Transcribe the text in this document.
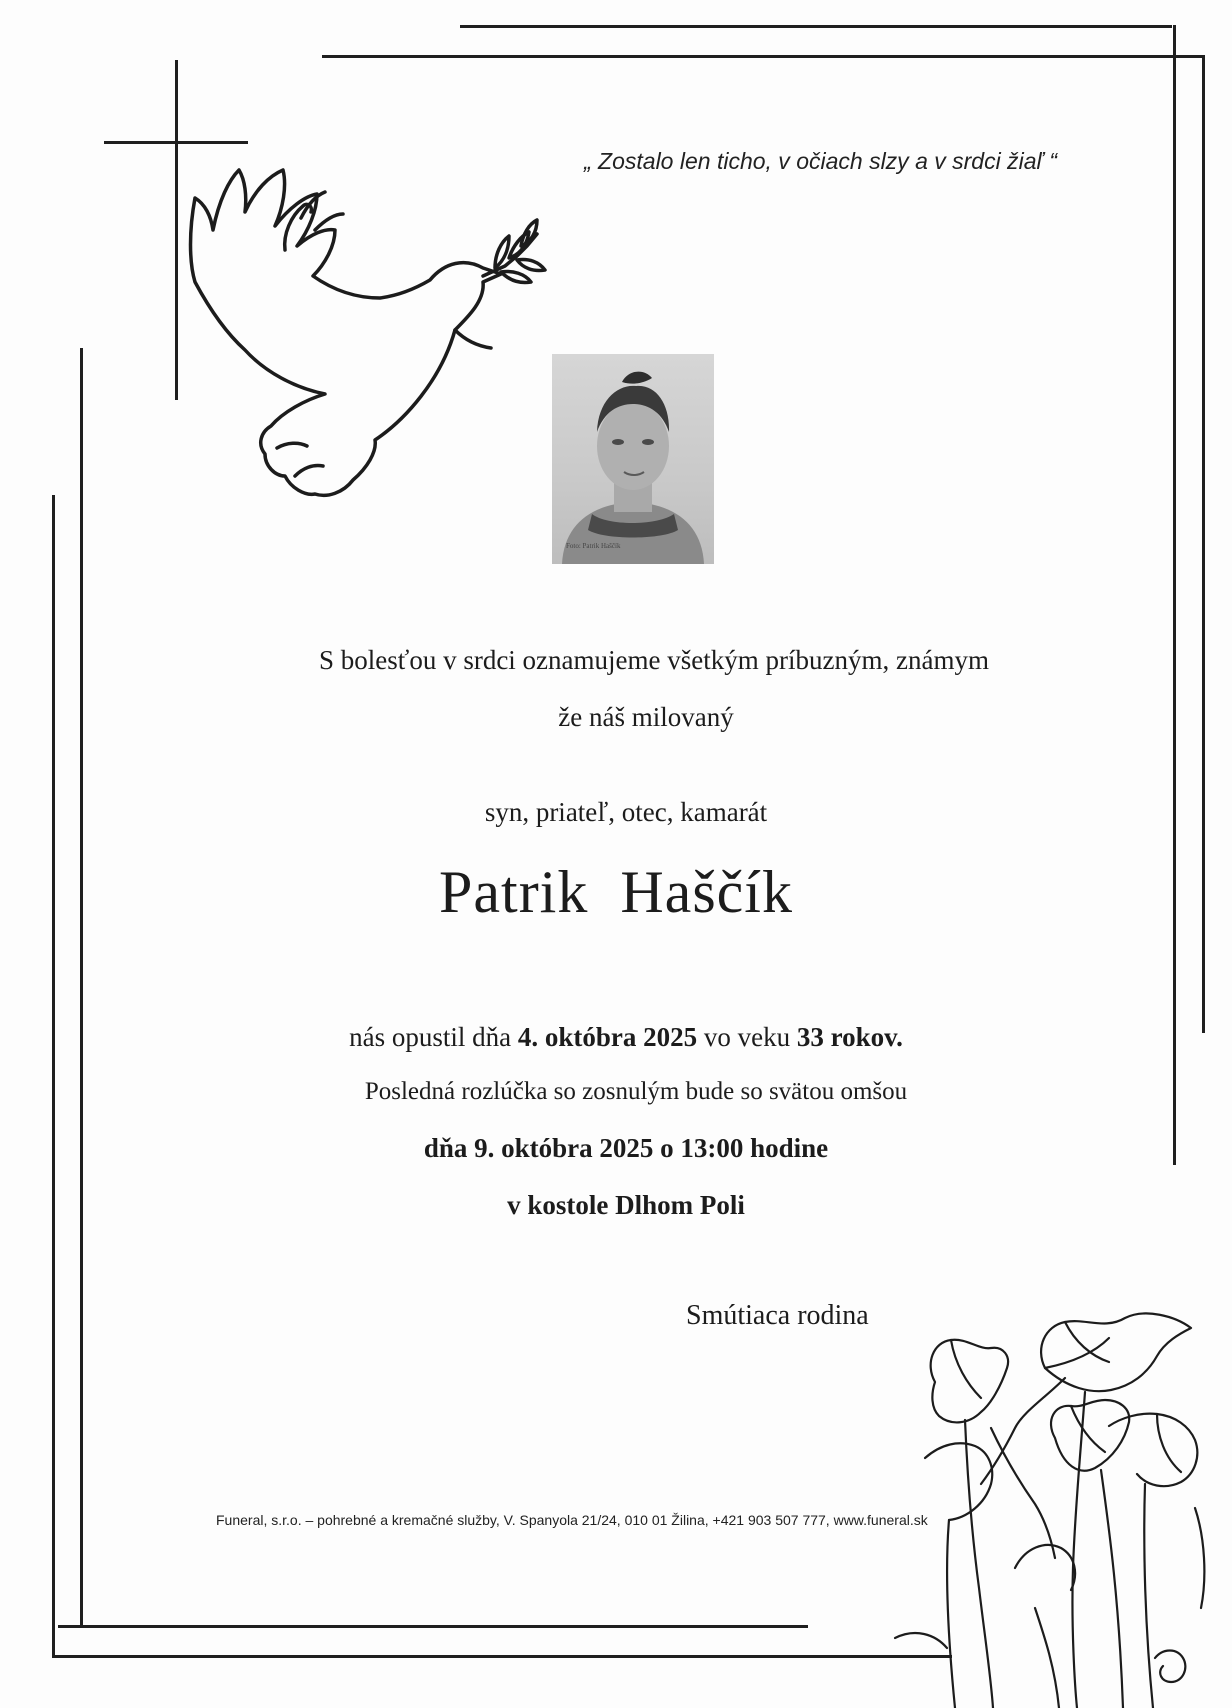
„ Zostalo len ticho, v očiach slzy a v srdci žiaľ “
Foto: Patrik Haščík
S bolesťou v srdci oznamujeme všetkým príbuzným, známym
že náš milovaný
syn, priateľ, otec, kamarát
Patrik  Haščík
nás opustil dňa 4. októbra 2025 vo veku 33 rokov.
Posledná rozlúčka so zosnulým bude so svätou omšou
dňa 9. októbra 2025 o 13:00 hodine
v kostole Dlhom Poli
Smútiaca rodina
Funeral, s.r.o. – pohrebné a kremačné služby, V. Spanyola 21/24, 010 01 Žilina, +421 903 507 777, www.funeral.sk
